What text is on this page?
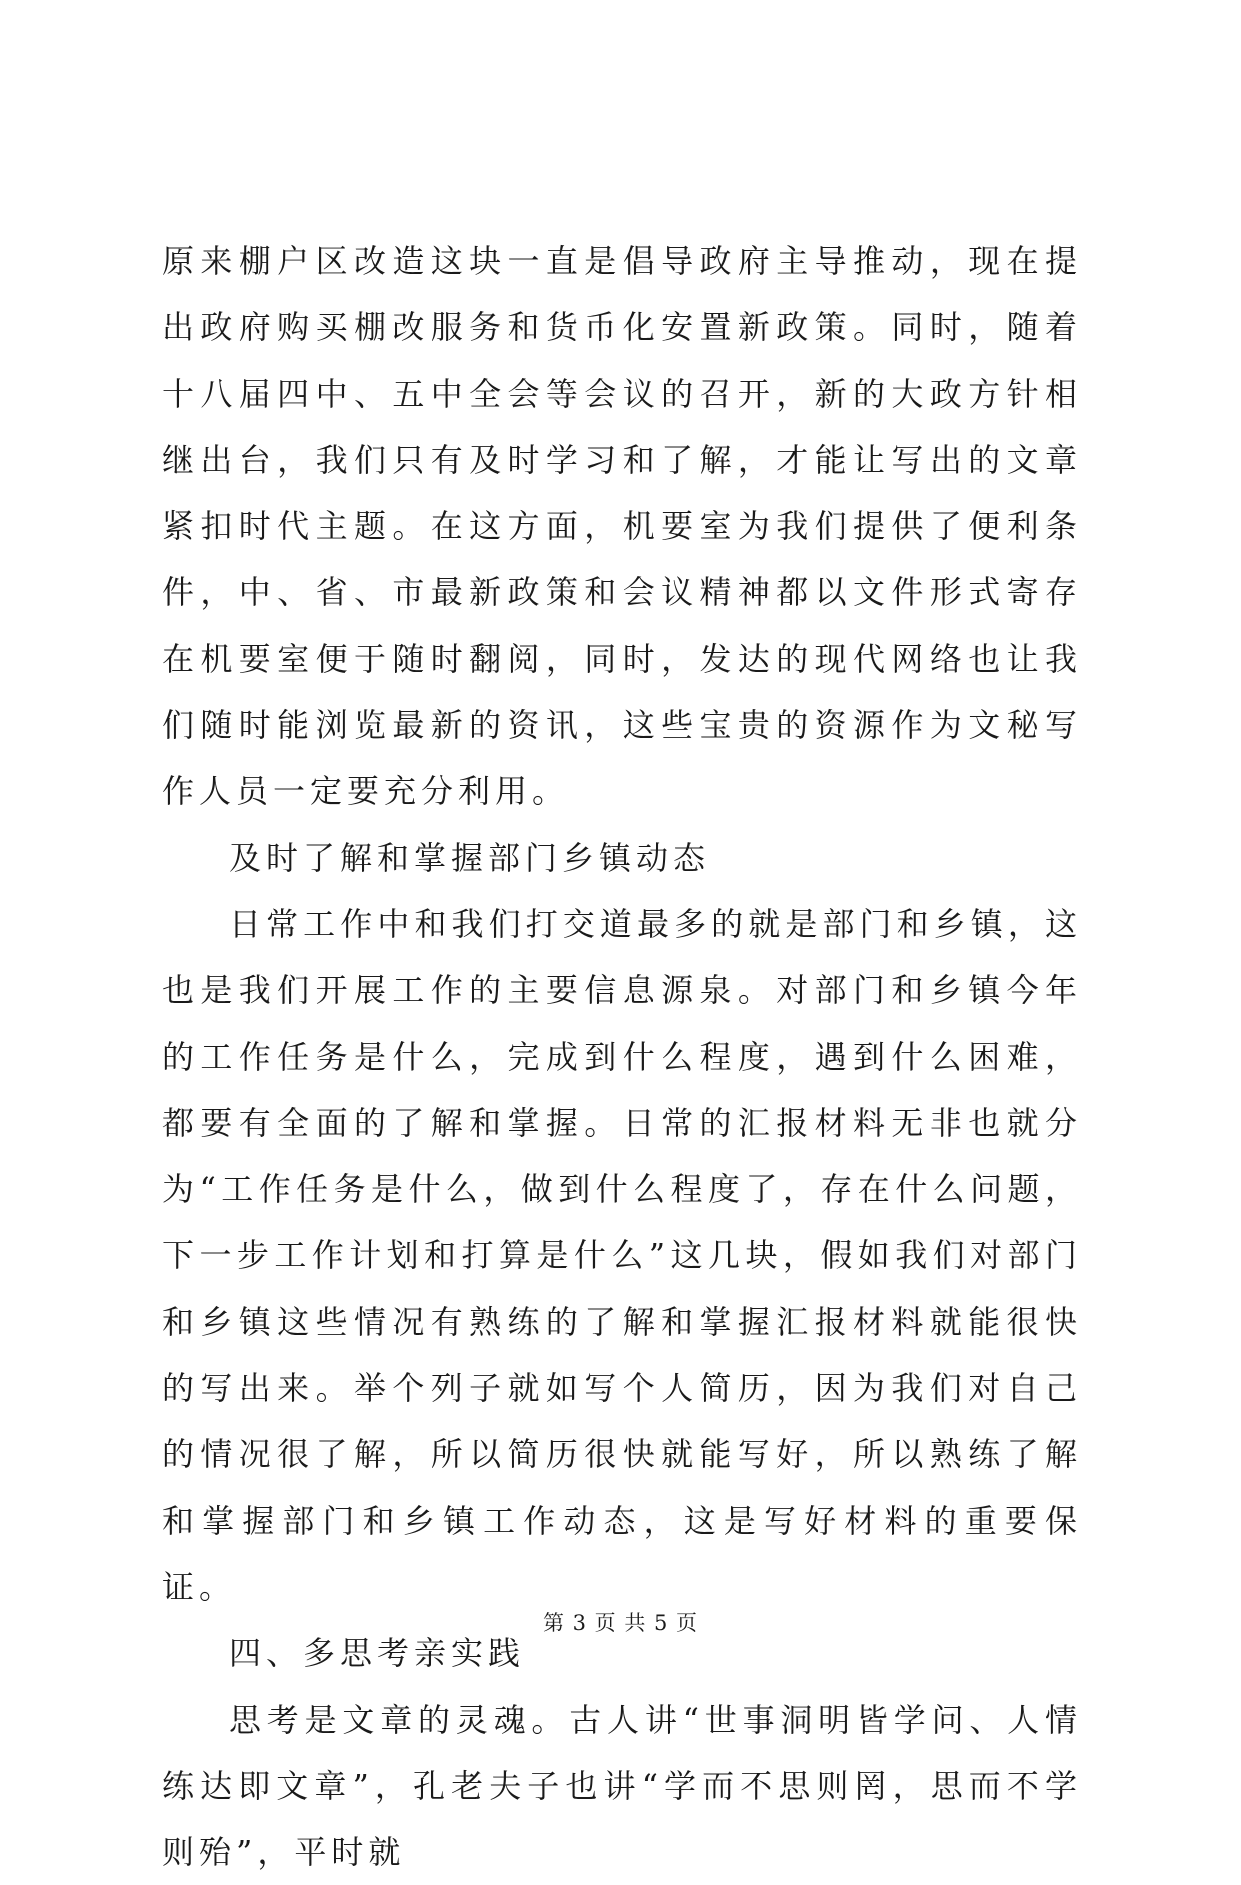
原来棚户区改造这块一直是倡导政府主导推动，现在提出政府购买棚改服务和货币化安置新政策。同时，随着十八届四中、五中全会等会议的召开，新的大政方针相继出台，我们只有及时学习和了解，才能让写出的文章紧扣时代主题。在这方面，机要室为我们提供了便利条件，中、省、市最新政策和会议精神都以文件形式寄存在机要室便于随时翻阅，同时，发达的现代网络也让我们随时能浏览最新的资讯，这些宝贵的资源作为文秘写作人员一定要充分利用。

及时了解和掌握部门乡镇动态

日常工作中和我们打交道最多的就是部门和乡镇，这也是我们开展工作的主要信息源泉。对部门和乡镇今年的工作任务是什么，完成到什么程度，遇到什么困难，都要有全面的了解和掌握。日常的汇报材料无非也就分为“工作任务是什么，做到什么程度了，存在什么问题，下一步工作计划和打算是什么”这几块，假如我们对部门和乡镇这些情况有熟练的了解和掌握汇报材料就能很快的写出来。举个列子就如写个人简历，因为我们对自己的情况很了解，所以简历很快就能写好，所以熟练了解和掌握部门和乡镇工作动态，这是写好材料的重要保证。

四、多思考亲实践

思考是文章的灵魂。古人讲“世事洞明皆学问、人情练达即文章”，孔老夫子也讲“学而不思则罔，思而不学则殆”，平时就

第 3 页 共 5 页
